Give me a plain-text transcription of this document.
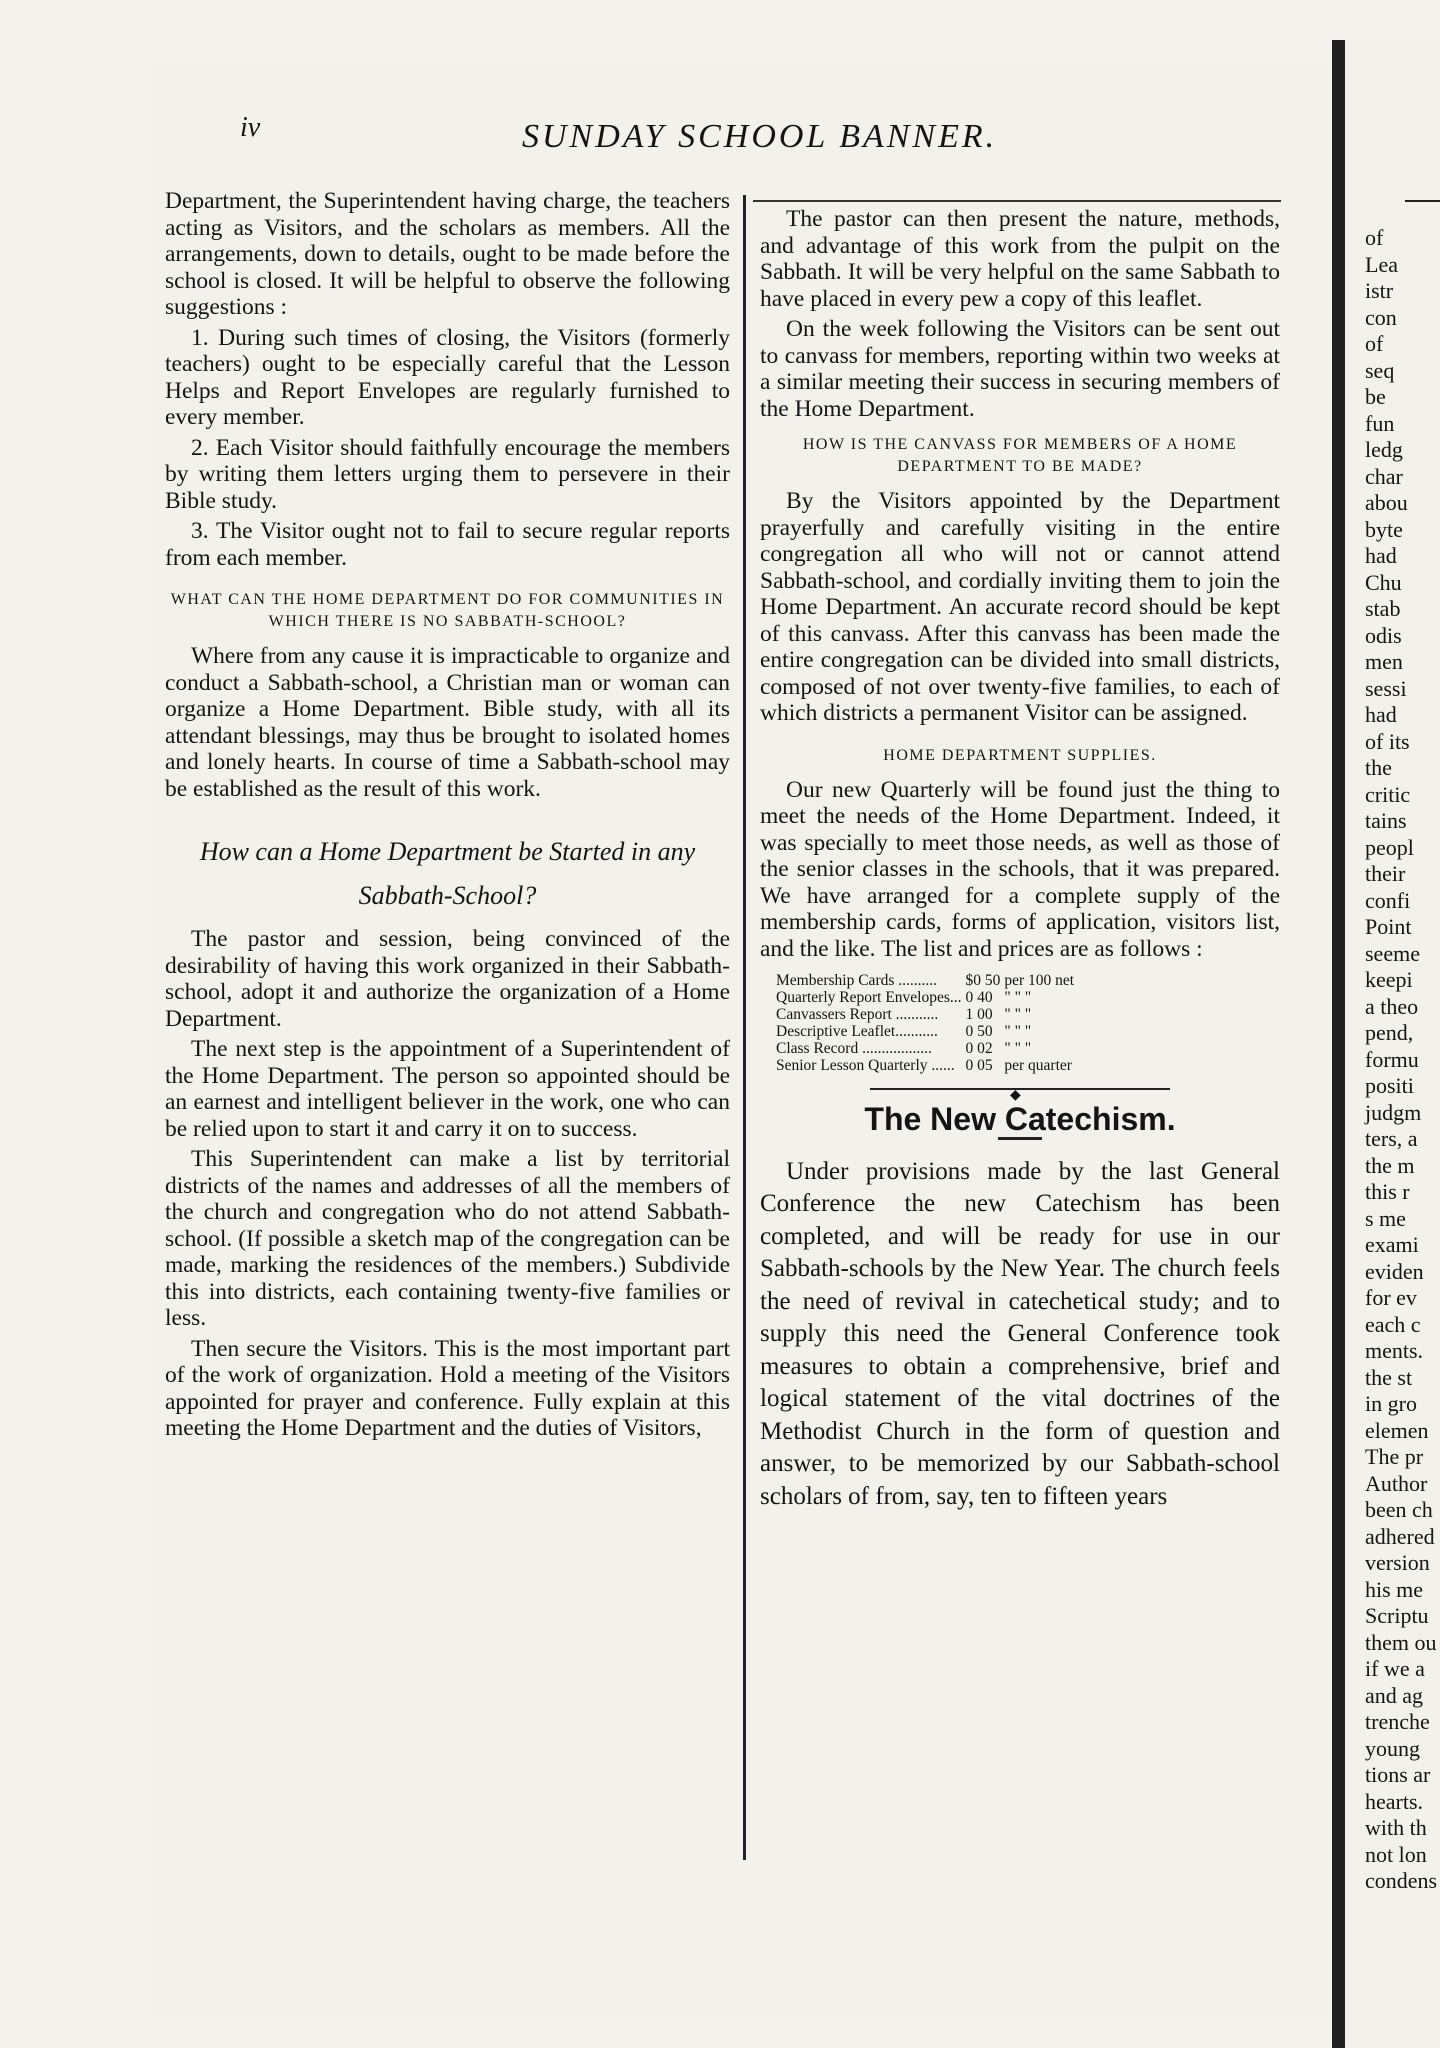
iv	SUNDAY SCHOOL BANNER.

Department, the Superintendent having charge, the teachers acting as Visitors, and the scholars as members. All the arrangements, down to details, ought to be made before the school is closed. It will be helpful to observe the following suggestions :

1. During such times of closing, the Visitors (formerly teachers) ought to be especially careful that the Lesson Helps and Report Envelopes are regularly furnished to every member.

2. Each Visitor should faithfully encourage the members by writing them letters urging them to persevere in their Bible study.

3. The Visitor ought not to fail to secure regular reports from each member.

WHAT CAN THE HOME DEPARTMENT DO FOR COMMUNITIES IN WHICH THERE IS NO SABBATH-SCHOOL?

Where from any cause it is impracticable to organize and conduct a Sabbath-school, a Christian man or woman can organize a Home Department. Bible study, with all its attendant blessings, may thus be brought to isolated homes and lonely hearts. In course of time a Sabbath-school may be established as the result of this work.

How can a Home Department be Started in any Sabbath-School?

The pastor and session, being convinced of the desirability of having this work organized in their Sabbath-school, adopt it and authorize the organization of a Home Department.

The next step is the appointment of a Superintendent of the Home Department. The person so appointed should be an earnest and intelligent believer in the work, one who can be relied upon to start it and carry it on to success.

This Superintendent can make a list by territorial districts of the names and addresses of all the members of the church and congregation who do not attend Sabbath-school. (If possible a sketch map of the congregation can be made, marking the residences of the members.) Subdivide this into districts, each containing twenty-five families or less.

Then secure the Visitors. This is the most important part of the work of organization. Hold a meeting of the Visitors appointed for prayer and conference. Fully explain at this meeting the Home Department and the duties of Visitors,

The pastor can then present the nature, methods, and advantage of this work from the pulpit on the Sabbath. It will be very helpful on the same Sabbath to have placed in every pew a copy of this leaflet.

On the week following the Visitors can be sent out to canvass for members, reporting within two weeks at a similar meeting their success in securing members of the Home Department.

HOW IS THE CANVASS FOR MEMBERS OF A HOME DEPARTMENT TO BE MADE?

By the Visitors appointed by the Department prayerfully and carefully visiting in the entire congregation all who will not or cannot attend Sabbath-school, and cordially inviting them to join the Home Department. An accurate record should be kept of this canvass. After this canvass has been made the entire congregation can be divided into small districts, composed of not over twenty-five families, to each of which districts a permanent Visitor can be assigned.

HOME DEPARTMENT SUPPLIES.

Our new Quarterly will be found just the thing to meet the needs of the Home Department. Indeed, it was specially to meet those needs, as well as those of the senior classes in the schools, that it was prepared. We have arranged for a complete supply of the membership cards, forms of application, visitors list, and the like. The list and prices are as follows :

Membership Cards ..........	$0 50	per 100 net
Quarterly Report Envelopes...	0 40	" " "
Canvassers Report ...........	1 00	" " "
Descriptive Leaflet...........	0 50	" " "
Class Record ..................	0 02	" " "
Senior Lesson Quarterly ......	0 05	per quarter
◆
The New Catechism.

Under provisions made by the last General Conference the new Catechism has been completed, and will be ready for use in our Sabbath-schools by the New Year. The church feels the need of revival in catechetical study; and to supply this need the General Conference took measures to obtain a comprehensive, brief and logical statement of the vital doctrines of the Methodist Church in the form of question and answer, to be memorized by our Sabbath-school scholars of from, say, ten to fifteen years

of
Lea
istr
con
of
seq
be
fun
ledg
char
abou
byte
had
Chu
stab
odis
men
sessi
had
of its
the
critic
tains
peopl
their
confi
Point
seeme
keepi
a theo
pend,
formu
positi
judgm
ters, a
the m
this r
s me
exami
eviden
for ev
each c
ments.
the st
in gro
elemen
The pr
Author
been ch
adhered
version
his me
Scriptu
them ou
if we a
and ag
trenche
young
tions ar
hearts.
with th
not lon
condens
